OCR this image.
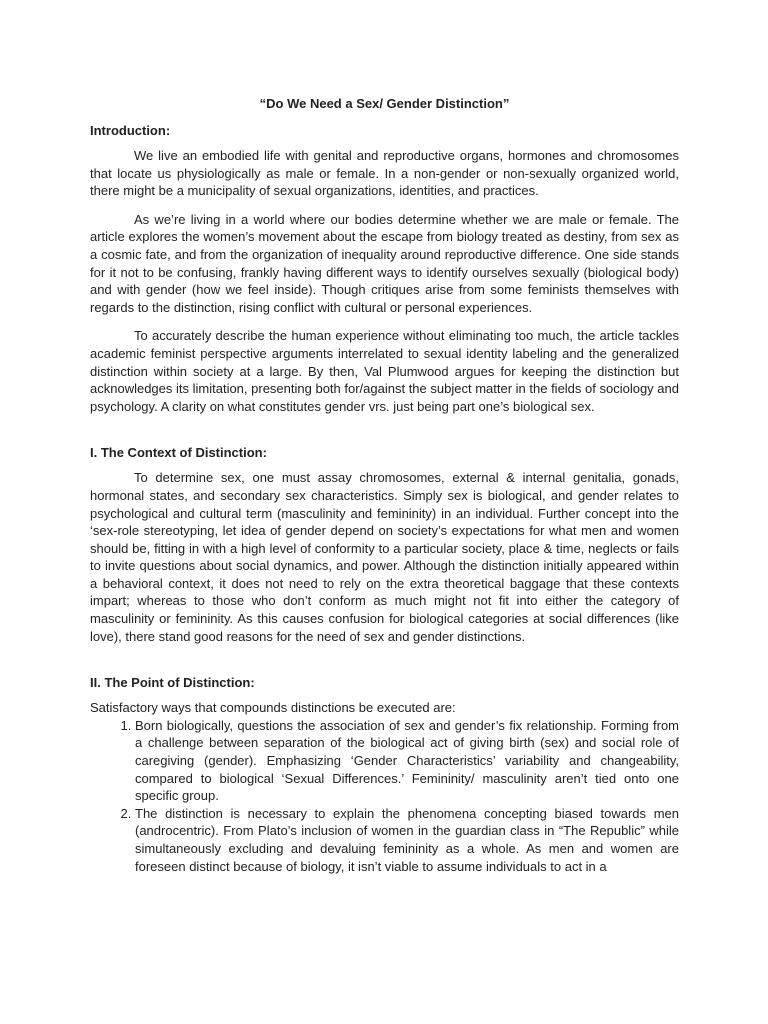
“Do We Need a Sex/ Gender Distinction”

Introduction:

We live an embodied life with genital and reproductive organs, hormones and chromosomes that locate us physiologically as male or female. In a non-gender or non-sexually organized world, there might be a municipality of sexual organizations, identities, and practices.

As we’re living in a world where our bodies determine whether we are male or female. The article explores the women’s movement about the escape from biology treated as destiny, from sex as a cosmic fate, and from the organization of inequality around reproductive difference. One side stands for it not to be confusing, frankly having different ways to identify ourselves sexually (biological body) and with gender (how we feel inside). Though critiques arise from some feminists themselves with regards to the distinction, rising conflict with cultural or personal experiences.

To accurately describe the human experience without eliminating too much, the article tackles academic feminist perspective arguments interrelated to sexual identity labeling and the generalized distinction within society at a large. By then, Val Plumwood argues for keeping the distinction but acknowledges its limitation, presenting both for/against the subject matter in the fields of sociology and psychology. A clarity on what constitutes gender vrs. just being part one’s biological sex.

I. The Context of Distinction:

To determine sex, one must assay chromosomes, external & internal genitalia, gonads, hormonal states, and secondary sex characteristics. Simply sex is biological, and gender relates to psychological and cultural term (masculinity and femininity) in an individual. Further concept into the ‘sex-role stereotyping, let idea of gender depend on society’s expectations for what men and women should be, fitting in with a high level of conformity to a particular society, place & time, neglects or fails to invite questions about social dynamics, and power. Although the distinction initially appeared within a behavioral context, it does not need to rely on the extra theoretical baggage that these contexts impart; whereas to those who don’t conform as much might not fit into either the category of masculinity or femininity. As this causes confusion for biological categories at social differences (like love), there stand good reasons for the need of sex and gender distinctions.

II. The Point of Distinction:

Satisfactory ways that compounds distinctions be executed are:

1. Born biologically, questions the association of sex and gender’s fix relationship. Forming from a challenge between separation of the biological act of giving birth (sex) and social role of caregiving (gender). Emphasizing ‘Gender Characteristics’ variability and changeability, compared to biological ‘Sexual Differences.’ Femininity/ masculinity aren’t tied onto one specific group.
2. The distinction is necessary to explain the phenomena concepting biased towards men (androcentric). From Plato’s inclusion of women in the guardian class in “The Republic” while simultaneously excluding and devaluing femininity as a whole. As men and women are foreseen distinct because of biology, it isn’t viable to assume individuals to act in a
